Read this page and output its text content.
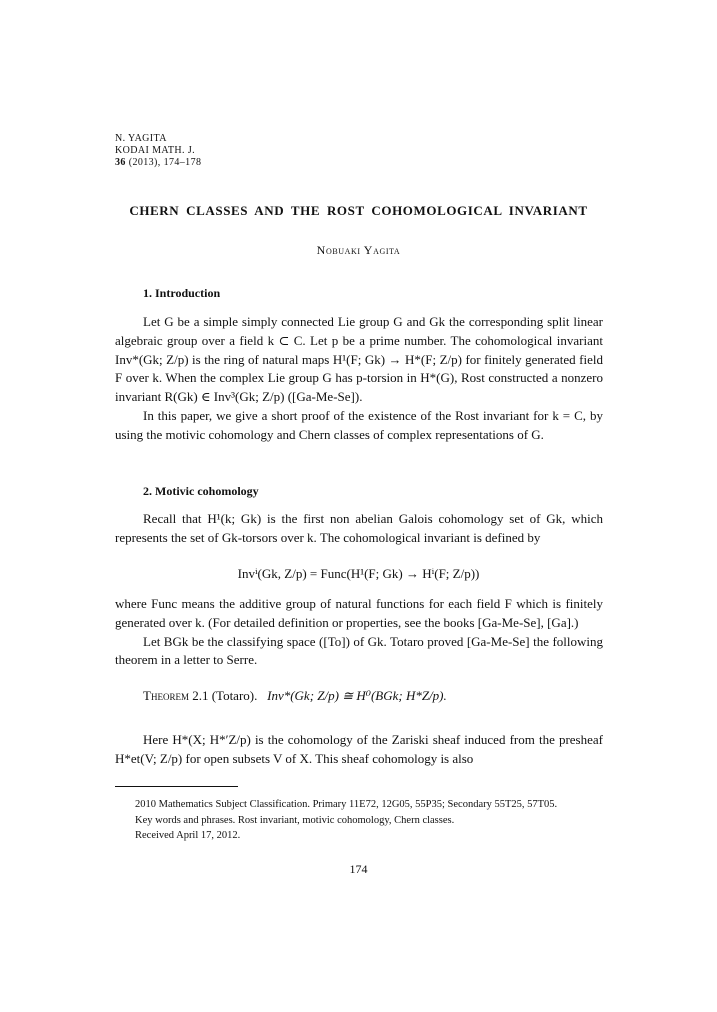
N. YAGITA
KODAI MATH. J.
36 (2013), 174–178
CHERN CLASSES AND THE ROST COHOMOLOGICAL INVARIANT
Nobuaki Yagita
1. Introduction

Let G be a simple simply connected Lie group G and Gk the corresponding split linear algebraic group over a field k ⊂ C. Let p be a prime number. The cohomological invariant Inv*(Gk; Z/p) is the ring of natural maps H¹(F; Gk) → H*(F; Z/p) for finitely generated field F over k. When the complex Lie group G has p-torsion in H*(G), Rost constructed a nonzero invariant R(Gk) ∈ Inv³(Gk; Z/p) ([Ga-Me-Se]).

In this paper, we give a short proof of the existence of the Rost invariant for k = C, by using the motivic cohomology and Chern classes of complex representations of G.

2. Motivic cohomology

Recall that H¹(k; Gk) is the first non abelian Galois cohomology set of Gk, which represents the set of Gk-torsors over k. The cohomological invariant is defined by

Invⁱ(Gk, Z/p) = Func(H¹(F; Gk) → Hⁱ(F; Z/p))

where Func means the additive group of natural functions for each field F which is finitely generated over k. (For detailed definition or properties, see the books [Ga-Me-Se], [Ga].)

Let BGk be the classifying space ([To]) of Gk. Totaro proved [Ga-Me-Se] the following theorem in a letter to Serre.

Theorem 2.1 (Totaro). Inv*(Gk; Z/p) ≅ H⁰(BGk; H*Z/p).

Here H*(X; H*′Z/p) is the cohomology of the Zariski sheaf induced from the presheaf H*et(V; Z/p) for open subsets V of X. This sheaf cohomology is also

2010 Mathematics Subject Classification. Primary 11E72, 12G05, 55P35; Secondary 55T25, 57T05.

Key words and phrases. Rost invariant, motivic cohomology, Chern classes.

Received April 17, 2012.

174
